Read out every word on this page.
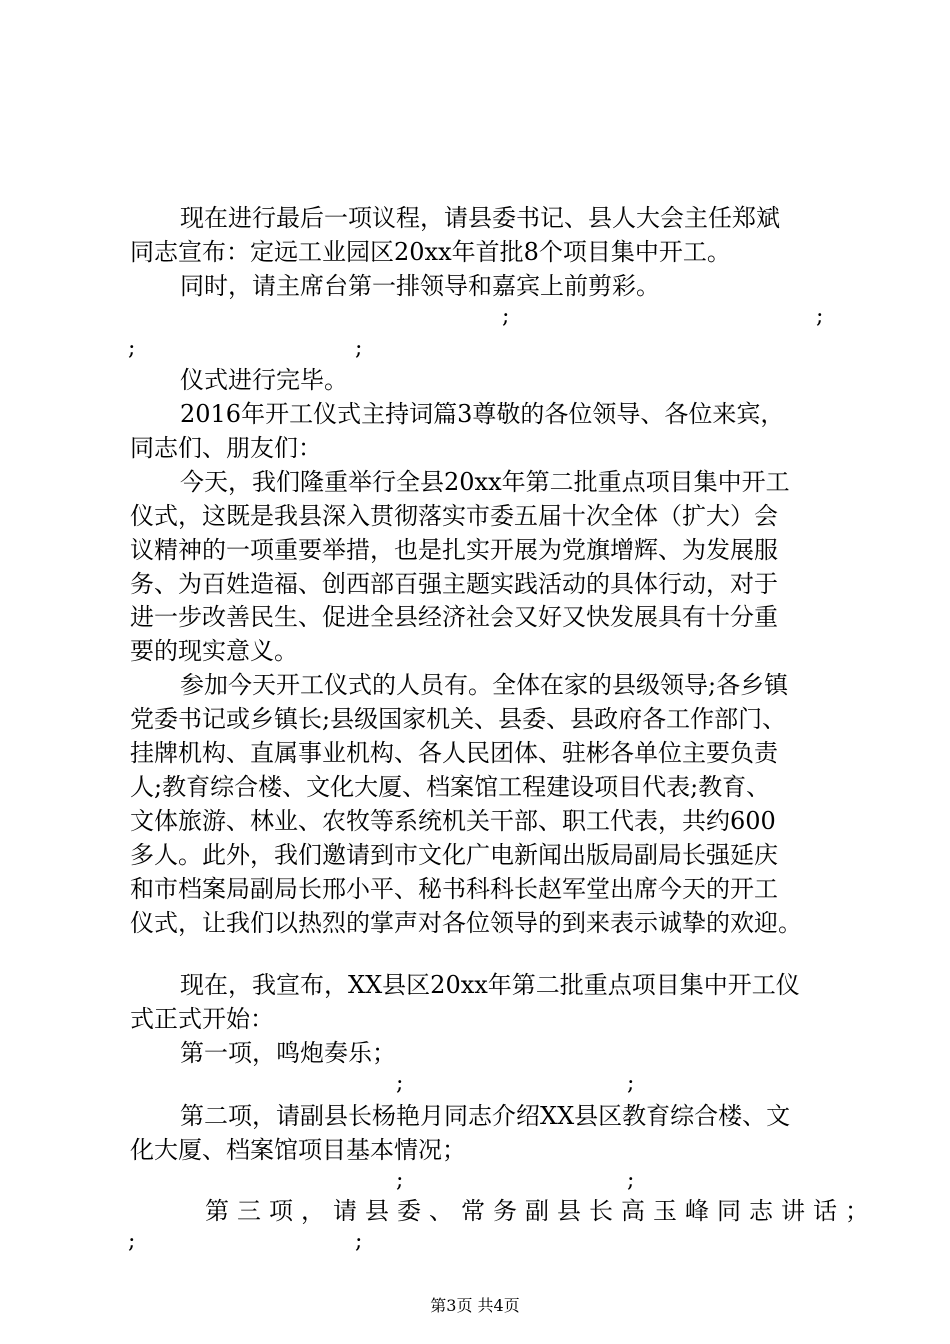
现在进行最后一项议程，请县委书记、县人大会主任郑斌
同志宣布：定远工业园区20xx年首批8个项目集中开工。
同时，请主席台第一排领导和嘉宾上前剪彩。
;	;
;	;
仪式进行完毕。
2016年开工仪式主持词篇3尊敬的各位领导、各位来宾，
同志们、朋友们：
今天，我们隆重举行全县20xx年第二批重点项目集中开工
仪式，这既是我县深入贯彻落实市委五届十次全体（扩大）会
议精神的一项重要举措，也是扎实开展为党旗增辉、为发展服
务、为百姓造福、创西部百强主题实践活动的具体行动，对于
进一步改善民生、促进全县经济社会又好又快发展具有十分重
要的现实意义。
参加今天开工仪式的人员有。全体在家的县级领导;各乡镇
党委书记或乡镇长;县级国家机关、县委、县政府各工作部门、
挂牌机构、直属事业机构、各人民团体、驻彬各单位主要负责
人;教育综合楼、文化大厦、档案馆工程建设项目代表;教育、
文体旅游、林业、农牧等系统机关干部、职工代表，共约600
多人。此外，我们邀请到市文化广电新闻出版局副局长强延庆
和市档案局副局长邢小平、秘书科科长赵军堂出席今天的开工
仪式，让我们以热烈的掌声对各位领导的到来表示诚挚的欢迎。
现在，我宣布，XX县区20xx年第二批重点项目集中开工仪
式正式开始：
第一项，鸣炮奏乐；
;	;
第二项，请副县长杨艳月同志介绍XX县区教育综合楼、文
化大厦、档案馆项目基本情况；
;	;
第三项，请县委、常务副县长高玉峰同志讲话；
;	;
第3页 共4页
